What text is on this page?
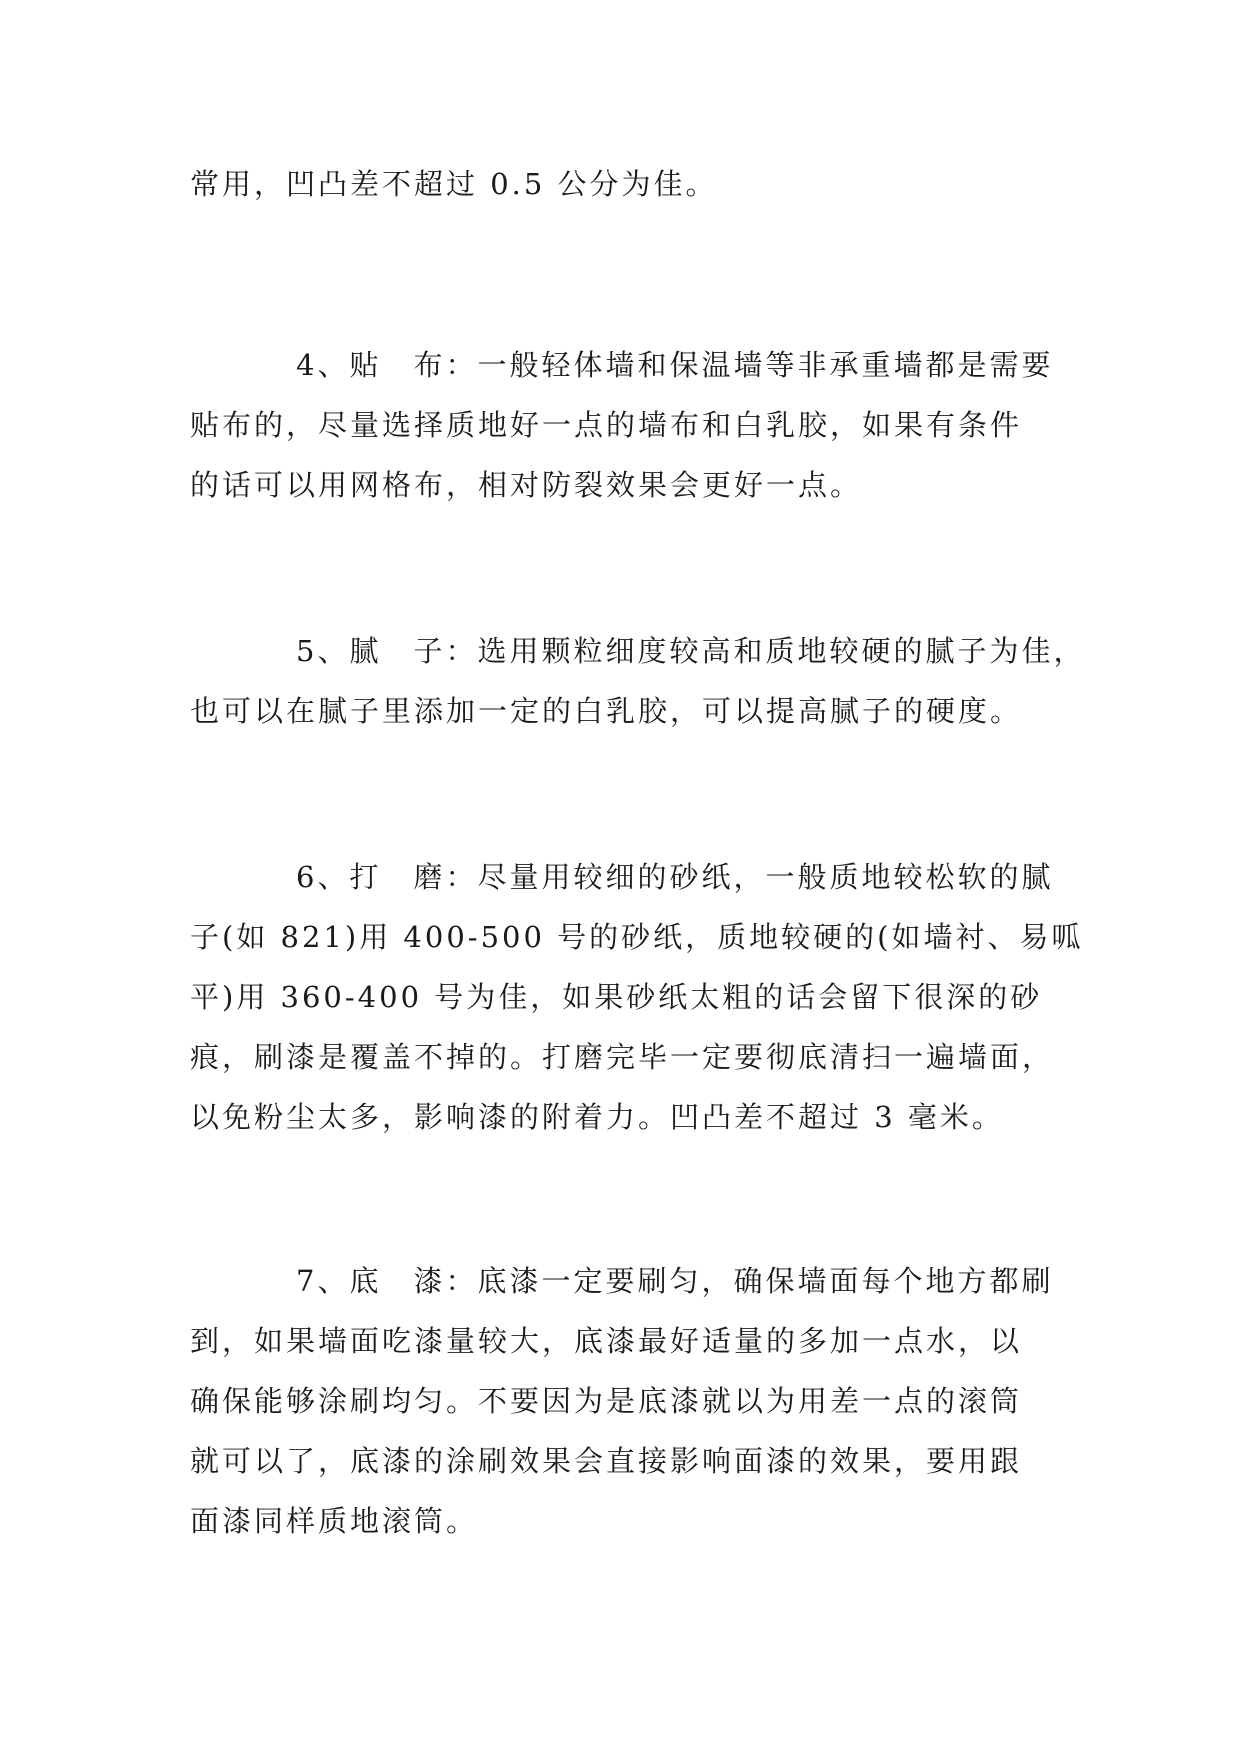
常用，凹凸差不超过 0.5 公分为佳。

4、贴　布：一般轻体墙和保温墙等非承重墙都是需要
贴布的，尽量选择质地好一点的墙布和白乳胶，如果有条件
的话可以用网格布，相对防裂效果会更好一点。

5、腻　子：选用颗粒细度较高和质地较硬的腻子为佳，
也可以在腻子里添加一定的白乳胶，可以提高腻子的硬度。

6、打　磨：尽量用较细的砂纸，一般质地较松软的腻
子(如 821)用 400-500 号的砂纸，质地较硬的(如墙衬、易呱
平)用 360-400 号为佳，如果砂纸太粗的话会留下很深的砂
痕，刷漆是覆盖不掉的。打磨完毕一定要彻底清扫一遍墙面，
以免粉尘太多，影响漆的附着力。凹凸差不超过 3 毫米。

7、底　漆：底漆一定要刷匀，确保墙面每个地方都刷
到，如果墙面吃漆量较大，底漆最好适量的多加一点水，以
确保能够涂刷均匀。不要因为是底漆就以为用差一点的滚筒
就可以了，底漆的涂刷效果会直接影响面漆的效果，要用跟
面漆同样质地滚筒。
